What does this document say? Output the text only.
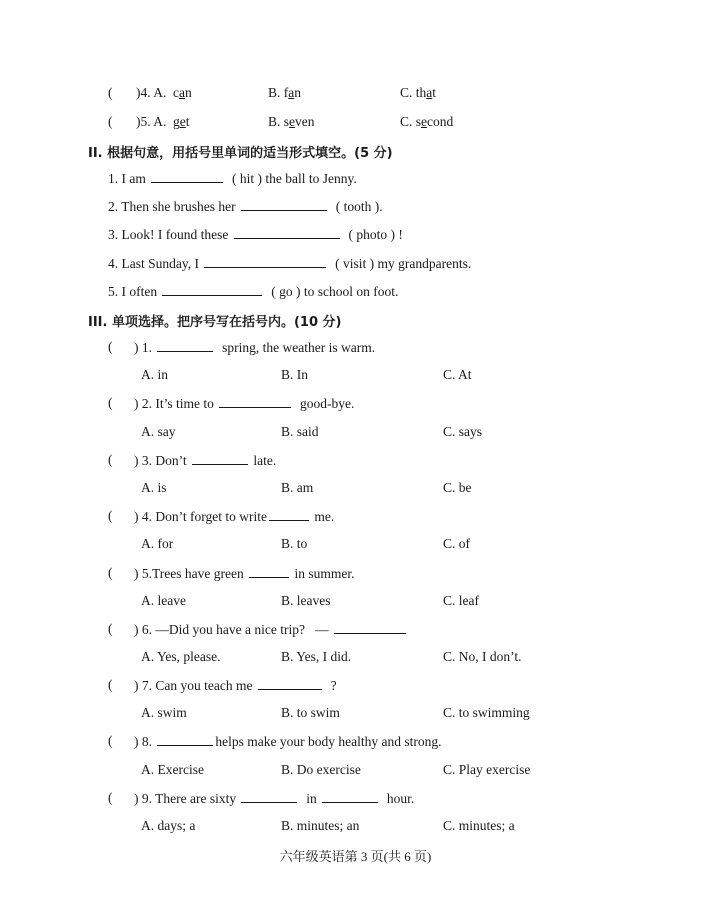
( )4. A. can	B. fan	C. that
( )5. A. get	B. seven	C. second
II. 根据句意，用括号里单词的适当形式填空。(5 分)
1. I am	( hit ) the ball to Jenny.
2. Then she brushes her	( tooth ).
3. Look! I found these	( photo ) !
4. Last Sunday, I	( visit ) my grandparents.
5. I often	( go ) to school on foot.
III. 单项选择。把序号写在括号内。(10 分)
( ) 1.	spring, the weather is warm.
A. in	B. In	C. At
( ) 2. It’s time to	good-bye.
A. say	B. said	C. says
( ) 3. Don’t	late.
A. is	B. am	C. be
( ) 4. Don’t forget to write	me.
A. for	B. to	C. of
( ) 5.Trees have green	in summer.
A. leave	B. leaves	C. leaf
( ) 6. —Did you have a nice trip? —
A. Yes, please.	B. Yes, I did.	C. No, I don’t.
( ) 7. Can you teach me	?
A. swim	B. to swim	C. to swimming
( ) 8.	helps make your body healthy and strong.
A. Exercise	B. Do exercise	C. Play exercise
( ) 9. There are sixty	in	hour.
A. days; a	B. minutes; an	C. minutes; a
六年级英语第 3 页(共 6 页)
